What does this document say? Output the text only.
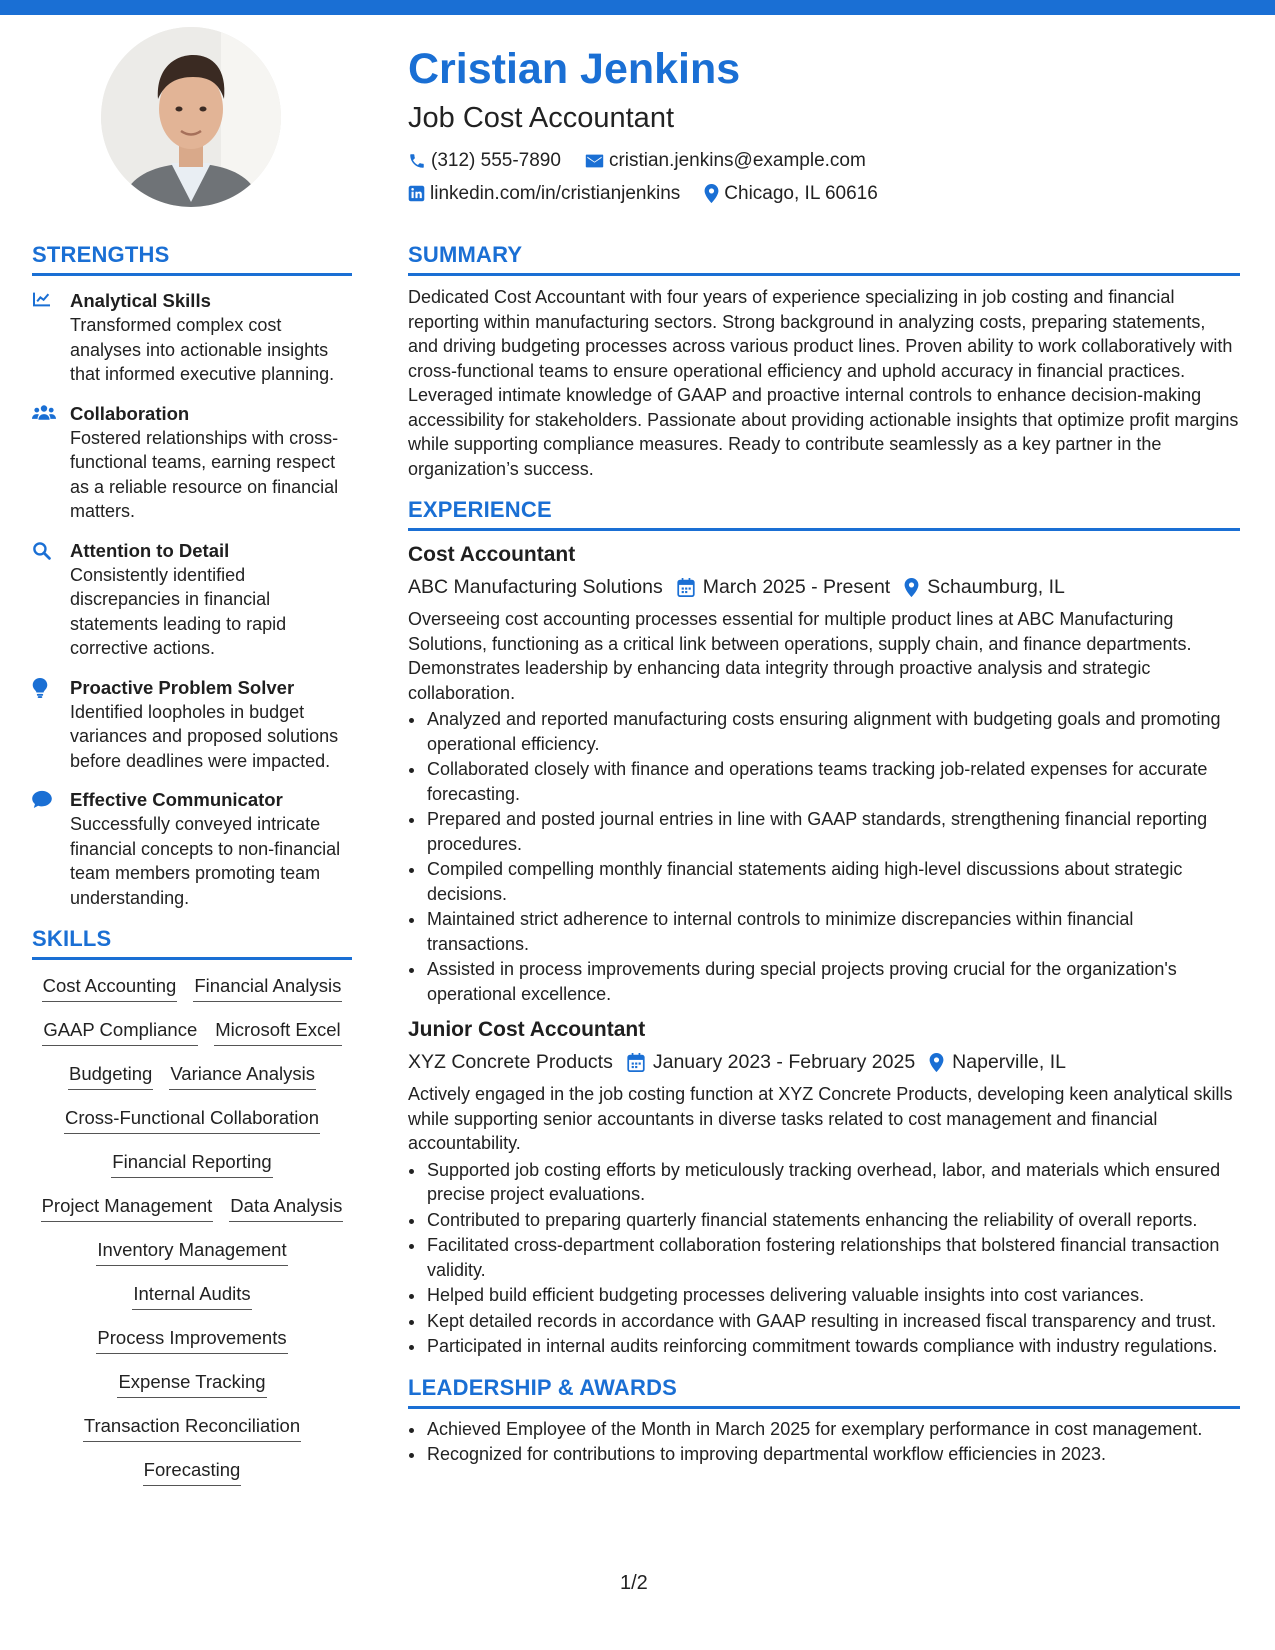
Cristian Jenkins
Job Cost Accountant
(312) 555-7890	cristian.jenkins@example.com
linkedin.com/in/cristianjenkins Chicago, IL 60616
STRENGTHS
Analytical Skills
Transformed complex cost analyses into actionable insights that informed executive planning.
Collaboration
Fostered relationships with cross-functional teams, earning respect as a reliable resource on financial matters.
Attention to Detail
Consistently identified discrepancies in financial statements leading to rapid corrective actions.
Proactive Problem Solver
Identified loopholes in budget variances and proposed solutions before deadlines were impacted.
Effective Communicator
Successfully conveyed intricate financial concepts to non-financial team members promoting team understanding.
SKILLS
Cost Accounting Financial Analysis
GAAP Compliance Microsoft Excel
Budgeting Variance Analysis
Cross-Functional Collaboration
Financial Reporting
Project Management Data Analysis
Inventory Management
Internal Audits
Process Improvements
Expense Tracking
Transaction Reconciliation
Forecasting
SUMMARY
Dedicated Cost Accountant with four years of experience specializing in job costing and financial reporting within manufacturing sectors. Strong background in analyzing costs, preparing statements, and driving budgeting processes across various product lines. Proven ability to work collaboratively with cross-functional teams to ensure operational efficiency and uphold accuracy in financial practices. Leveraged intimate knowledge of GAAP and proactive internal controls to enhance decision-making accessibility for stakeholders. Passionate about providing actionable insights that optimize profit margins while supporting compliance measures. Ready to contribute seamlessly as a key partner in the organization’s success.
EXPERIENCE
Cost Accountant
ABC Manufacturing Solutions March 2025 - Present Schaumburg, IL
Overseeing cost accounting processes essential for multiple product lines at ABC Manufacturing Solutions, functioning as a critical link between operations, supply chain, and finance departments. Demonstrates leadership by enhancing data integrity through proactive analysis and strategic collaboration.
• Analyzed and reported manufacturing costs ensuring alignment with budgeting goals and promoting operational efficiency.
• Collaborated closely with finance and operations teams tracking job-related expenses for accurate forecasting.
• Prepared and posted journal entries in line with GAAP standards, strengthening financial reporting procedures.
• Compiled compelling monthly financial statements aiding high-level discussions about strategic decisions.
• Maintained strict adherence to internal controls to minimize discrepancies within financial transactions.
• Assisted in process improvements during special projects proving crucial for the organization's operational excellence.
Junior Cost Accountant
XYZ Concrete Products January 2023 - February 2025 Naperville, IL
Actively engaged in the job costing function at XYZ Concrete Products, developing keen analytical skills while supporting senior accountants in diverse tasks related to cost management and financial accountability.
• Supported job costing efforts by meticulously tracking overhead, labor, and materials which ensured precise project evaluations.
• Contributed to preparing quarterly financial statements enhancing the reliability of overall reports.
• Facilitated cross-department collaboration fostering relationships that bolstered financial transaction validity.
• Helped build efficient budgeting processes delivering valuable insights into cost variances.
• Kept detailed records in accordance with GAAP resulting in increased fiscal transparency and trust.
• Participated in internal audits reinforcing commitment towards compliance with industry regulations.
LEADERSHIP & AWARDS
• Achieved Employee of the Month in March 2025 for exemplary performance in cost management.
• Recognized for contributions to improving departmental workflow efficiencies in 2023.
1/2
